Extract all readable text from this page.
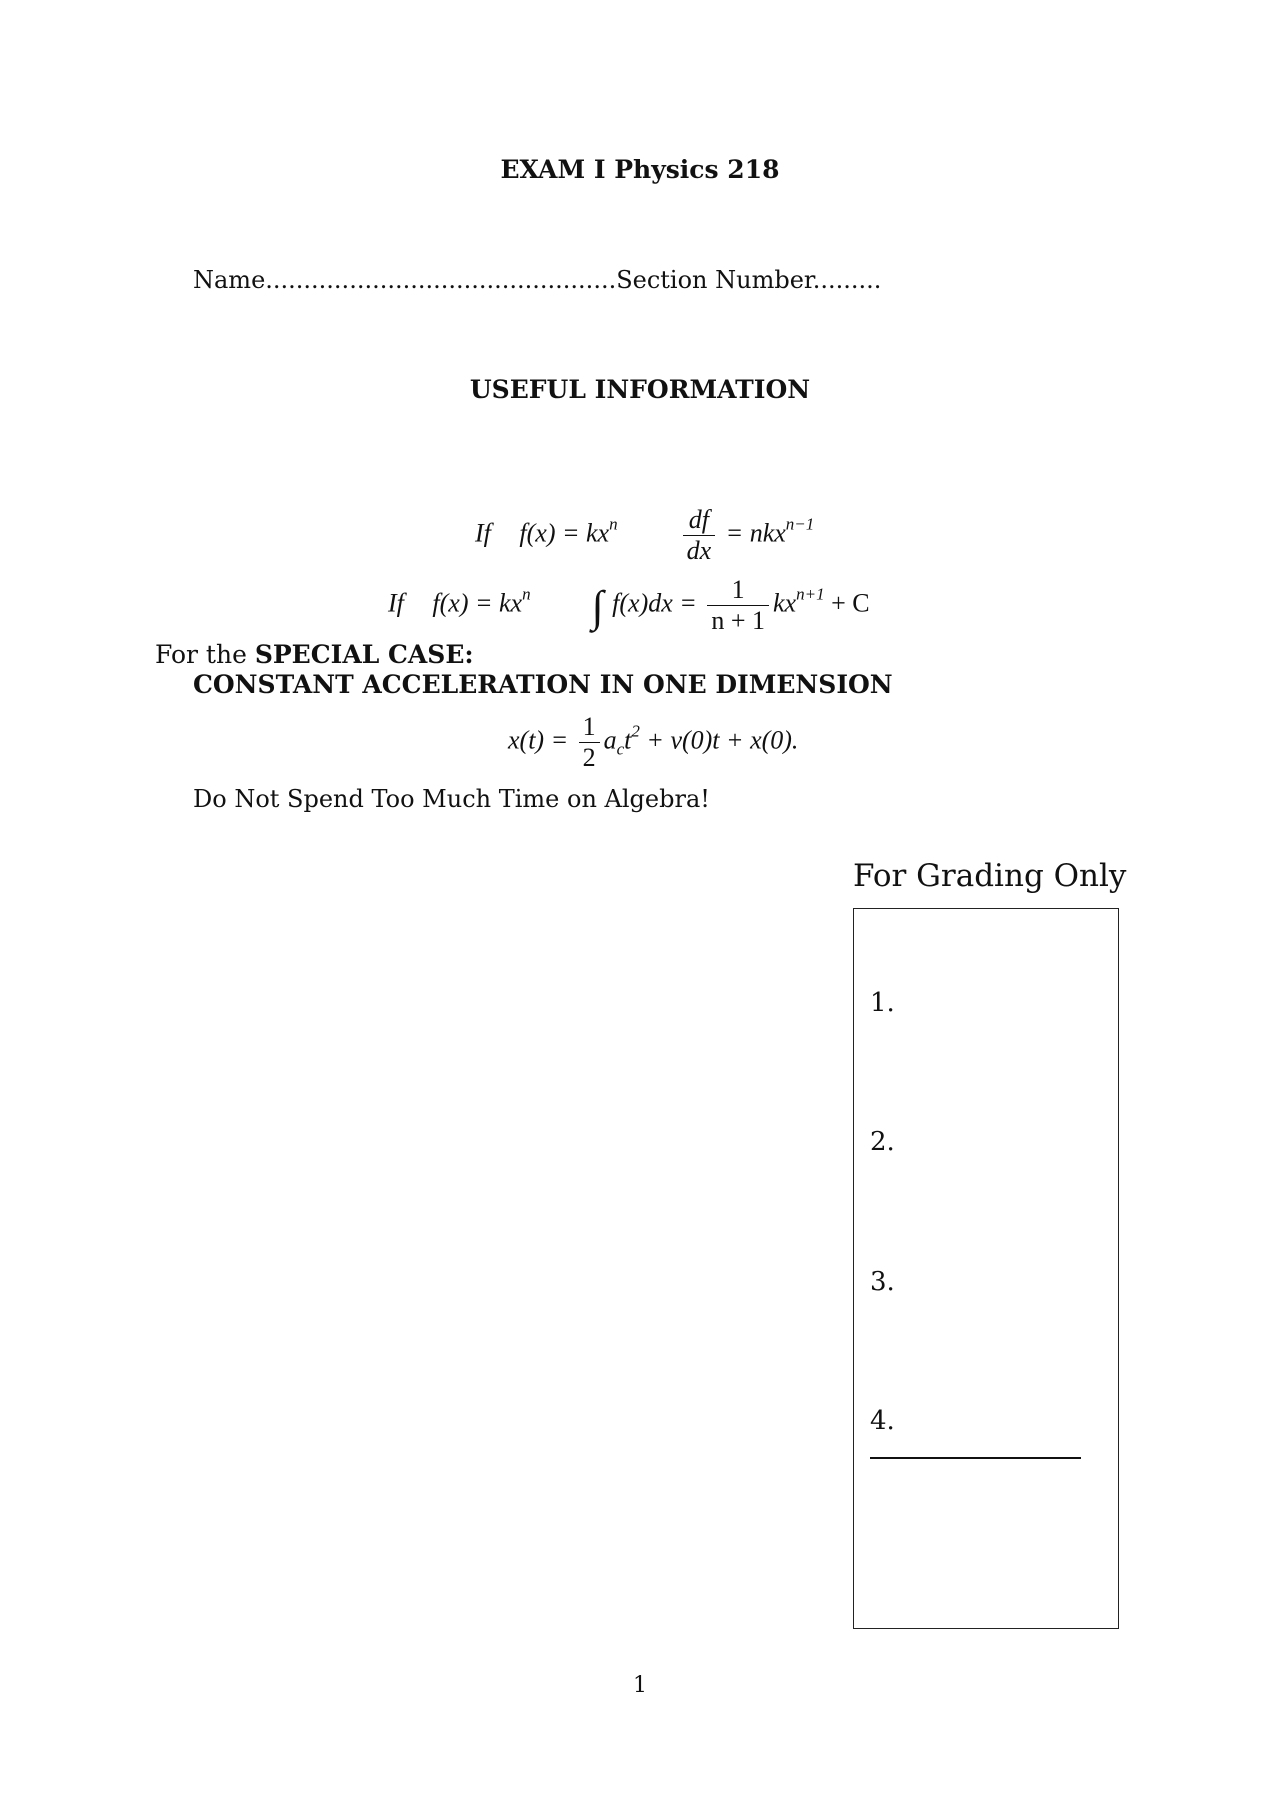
EXAM I Physics 218
Name..............................................Section Number.........
USEFUL INFORMATION
If $f(x) = kx^n$	$\frac{df}{dx} = nkx^{n-1}$
If $f(x) = kx^n$ ∫ $f(x)dx = \frac{1}{n + 1} kx^{n+1} + C$
For the SPECIAL CASE:
CONSTANT ACCELERATION IN ONE DIMENSION
$x(t) = \frac{1}{2} a_ct^2 + v(0)t + x(0)$.
Do Not Spend Too Much Time on Algebra!
For Grading Only
1.
2.
3.
4.
1
